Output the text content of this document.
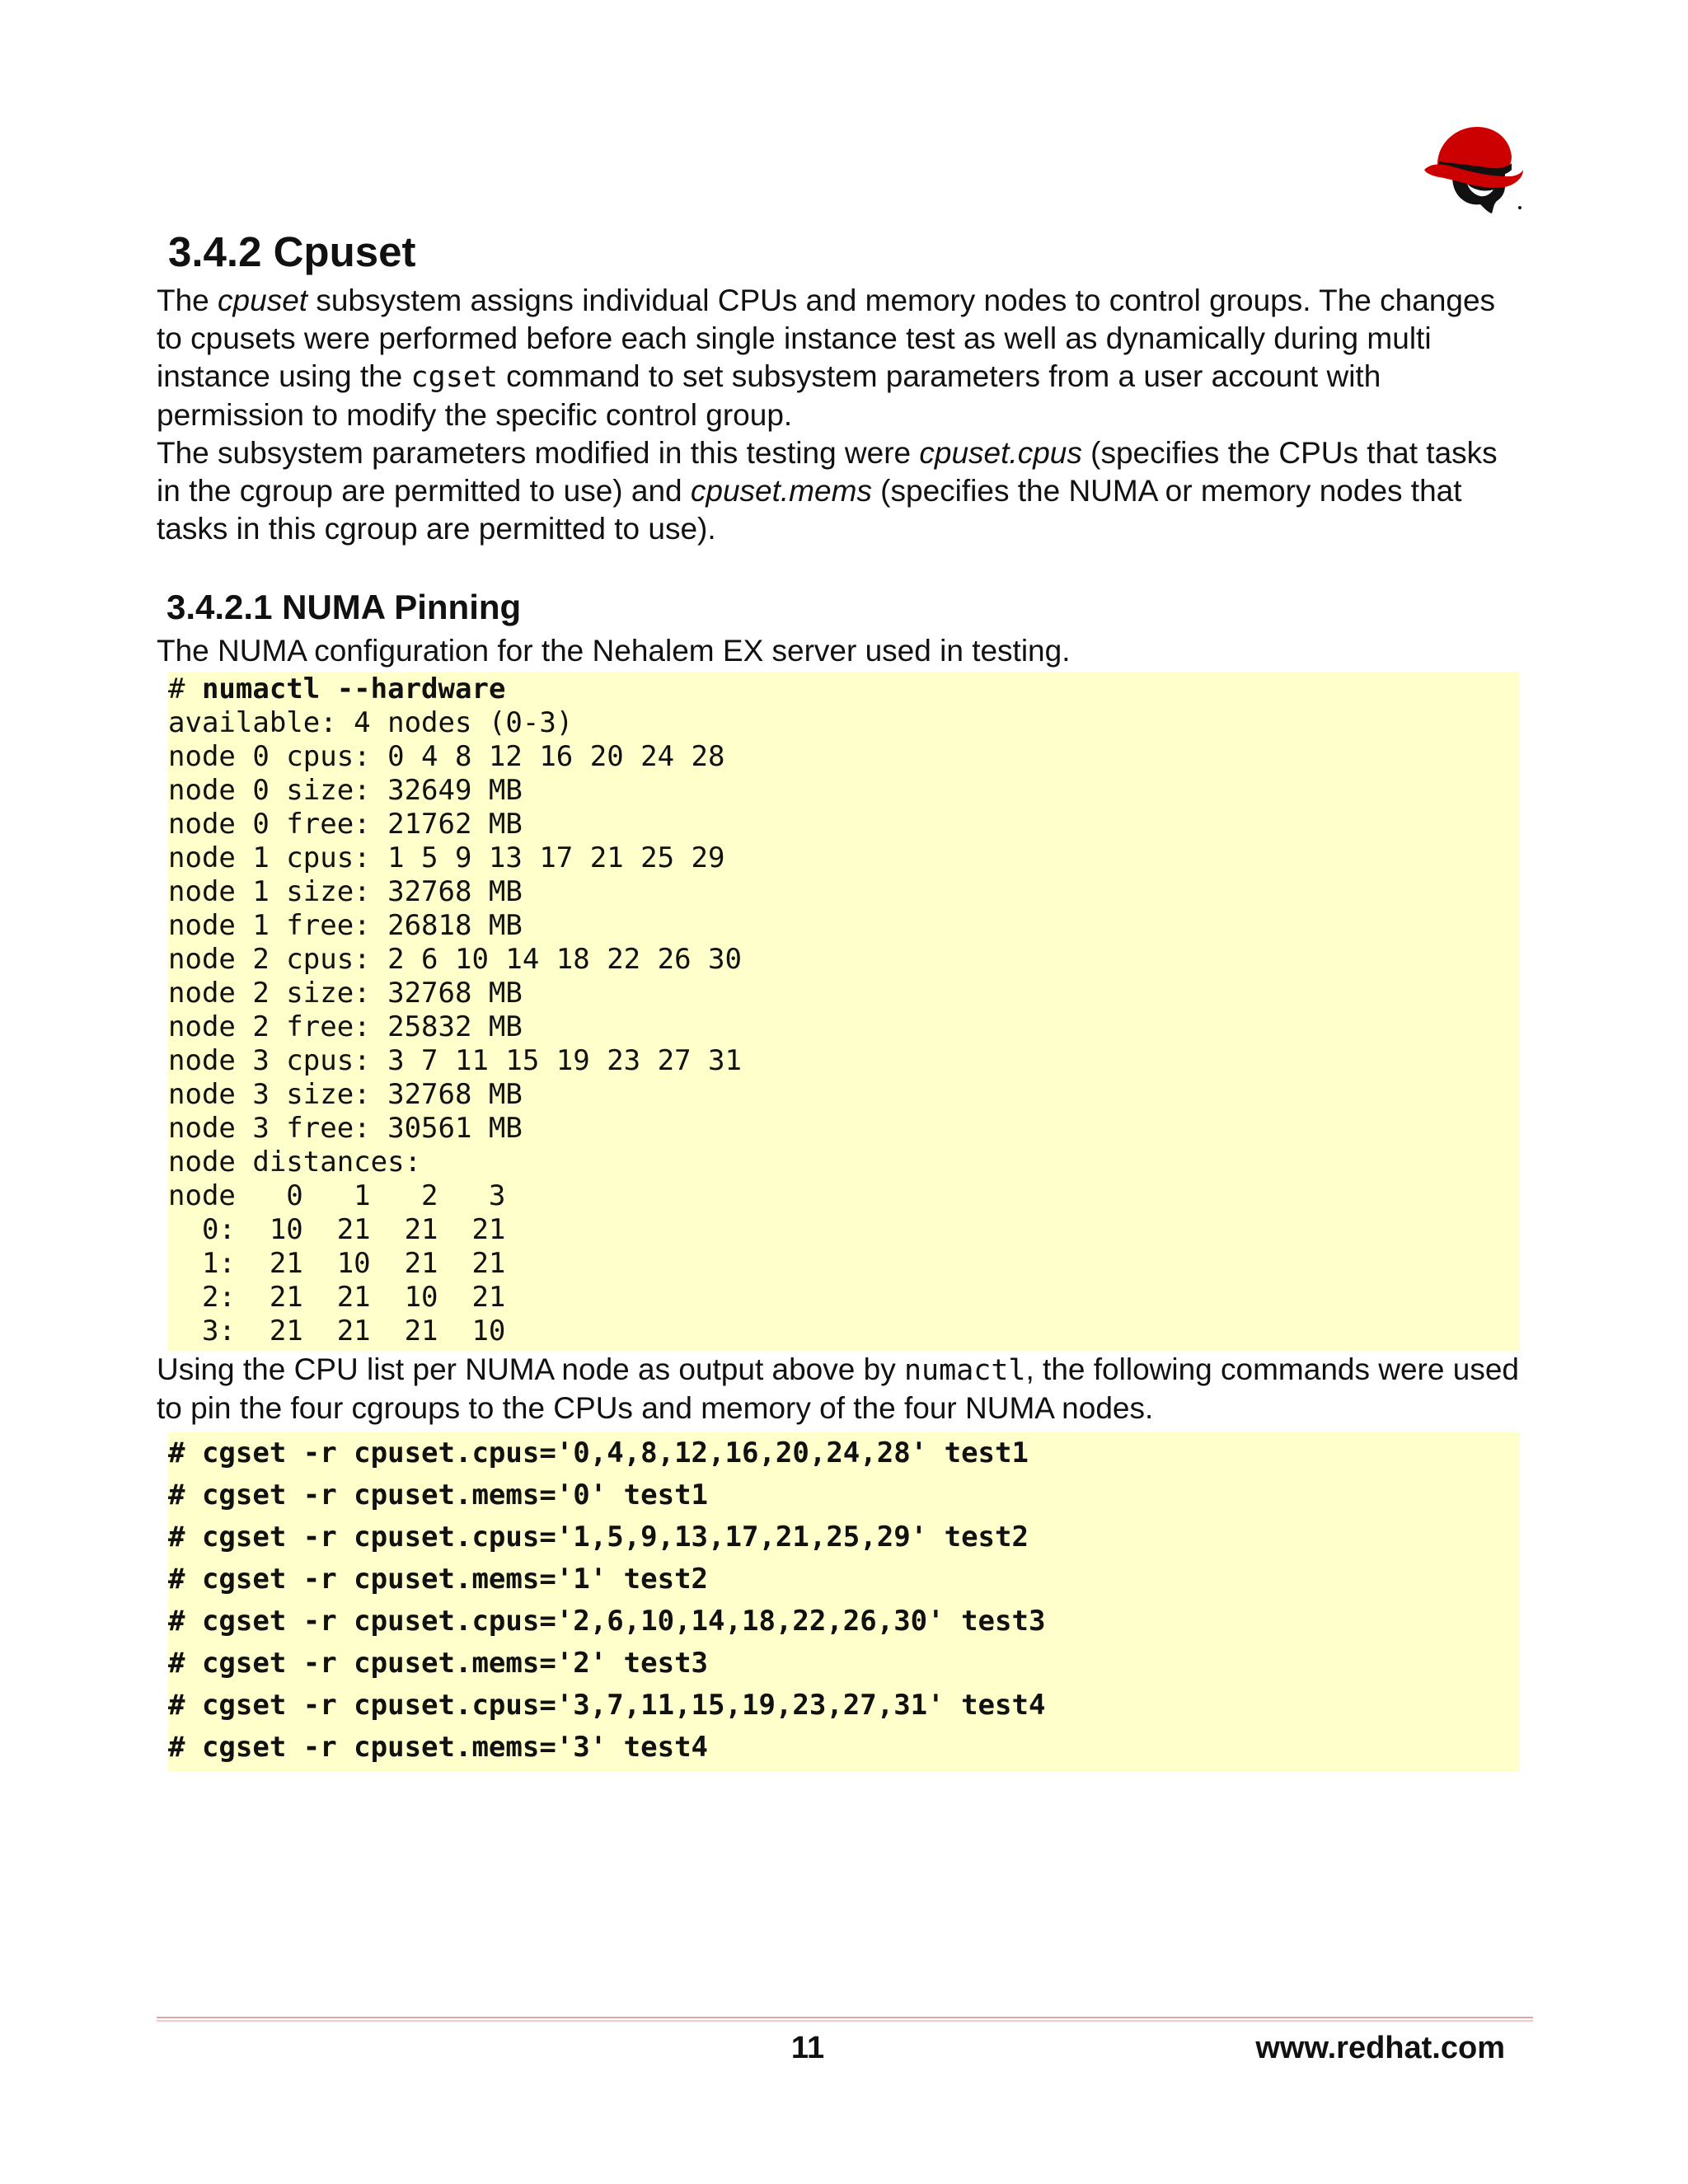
3.4.2 Cpuset

The cpuset subsystem assigns individual CPUs and memory nodes to control groups. The changes to cpusets were performed before each single instance test as well as dynamically during multi instance using the cgset command to set subsystem parameters from a user account with permission to modify the specific control group.

The subsystem parameters modified in this testing were cpuset.cpus (specifies the CPUs that tasks in the cgroup are permitted to use) and cpuset.mems (specifies the NUMA or memory nodes that tasks in this cgroup are permitted to use).

3.4.2.1 NUMA Pinning

The NUMA configuration for the Nehalem EX server used in testing.

# numactl --hardware
available: 4 nodes (0-3)
node 0 cpus: 0 4 8 12 16 20 24 28
node 0 size: 32649 MB
node 0 free: 21762 MB
node 1 cpus: 1 5 9 13 17 21 25 29
node 1 size: 32768 MB
node 1 free: 26818 MB
node 2 cpus: 2 6 10 14 18 22 26 30
node 2 size: 32768 MB
node 2 free: 25832 MB
node 3 cpus: 3 7 11 15 19 23 27 31
node 3 size: 32768 MB
node 3 free: 30561 MB
node distances:
node   0   1   2   3
0:  10  21  21  21
1:  21  10  21  21
2:  21  21  10  21
3:  21  21  21  10

Using the CPU list per NUMA node as output above by numactl, the following commands were used to pin the four cgroups to the CPUs and memory of the four NUMA nodes.

# cgset -r cpuset.cpus='0,4,8,12,16,20,24,28' test1
# cgset -r cpuset.mems='0' test1
# cgset -r cpuset.cpus='1,5,9,13,17,21,25,29' test2
# cgset -r cpuset.mems='1' test2
# cgset -r cpuset.cpus='2,6,10,14,18,22,26,30' test3
# cgset -r cpuset.mems='2' test3
# cgset -r cpuset.cpus='3,7,11,15,19,23,27,31' test4
# cgset -r cpuset.mems='3' test4
11	www.redhat.com
